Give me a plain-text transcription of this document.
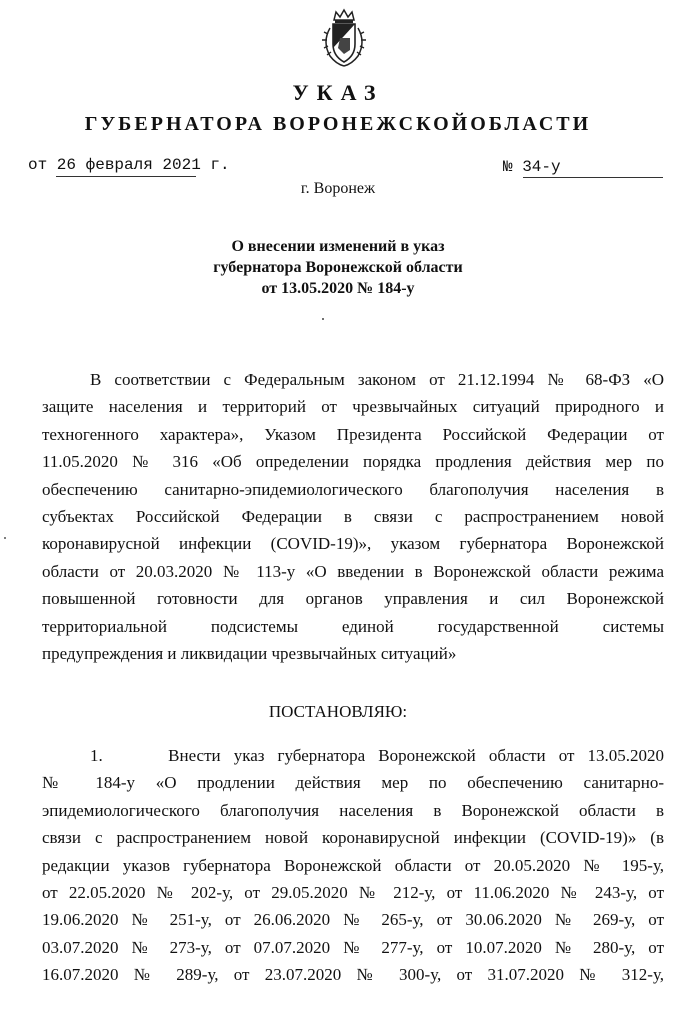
УКАЗ
ГУБЕРНАТОРА ВОРОНЕЖСКОЙОБЛАСТИ
от 26 февраля 2021 г.	№ 34-у
г. Воронеж
О внесении изменений в указ
губернатора Воронежской области
от 13.05.2020 № 184-у
В соответствии с Федеральным законом от 21.12.1994 № 68-ФЗ «О
защите населения и территорий от чрезвычайных ситуаций природного и
техногенного характера», Указом Президента Российской Федерации от
11.05.2020 № 316 «Об определении порядка продления действия мер по
обеспечению санитарно-эпидемиологического благополучия населения в
субъектах Российской Федерации в связи с распространением новой
коронавирусной инфекции (COVID-19)», указом губернатора Воронежской
области от 20.03.2020 № 113-у «О введении в Воронежской области режима
повышенной готовности для органов управления и сил Воронежской
территориальной подсистемы единой государственной системы
предупреждения и ликвидации чрезвычайных ситуаций»
ПОСТАНОВЛЯЮ:
1.     Внести указ губернатора Воронежской области от 13.05.2020
№ 184-у «О продлении действия мер по обеспечению санитарно-
эпидемиологического благополучия населения в Воронежской области в
связи с распространением новой коронавирусной инфекции (COVID-19)» (в
редакции указов губернатора Воронежской области от 20.05.2020 № 195-у,
от 22.05.2020 № 202-у, от 29.05.2020 № 212-у, от 11.06.2020 № 243-у, от
19.06.2020 № 251-у, от 26.06.2020 № 265-у, от 30.06.2020 № 269-у, от
03.07.2020 № 273-у, от 07.07.2020 № 277-у, от 10.07.2020 № 280-у, от
16.07.2020 № 289-у, от 23.07.2020 № 300-у, от 31.07.2020 № 312-у,
